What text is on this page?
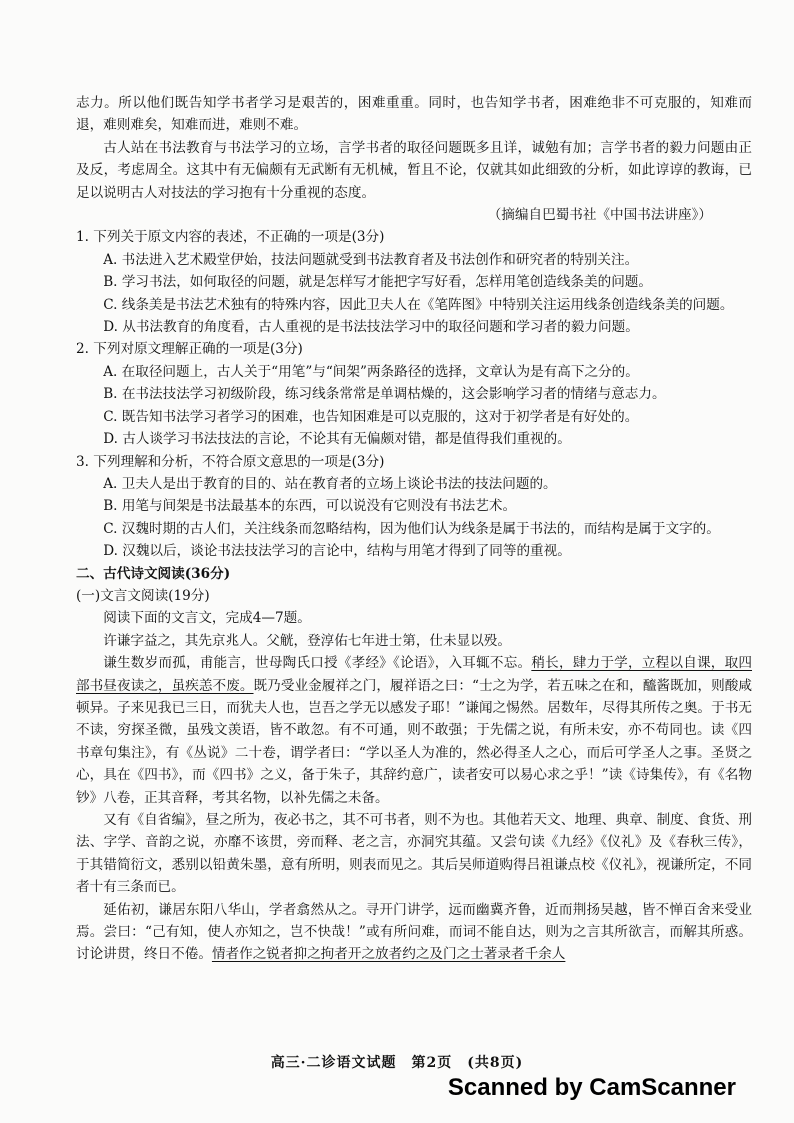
志力。所以他们既告知学书者学习是艰苦的，困难重重。同时，也告知学书者，困难绝非不可克服的，知难而退，难则难矣，知难而进，难则不难。

古人站在书法教育与书法学习的立场，言学书者的取径问题既多且详，诚勉有加；言学书者的毅力问题由正及反，考虑周全。这其中有无偏颇有无武断有无机械，暂且不论，仅就其如此细致的分析，如此谆谆的教诲，已足以说明古人对技法的学习抱有十分重视的态度。

（摘编自巴蜀书社《中国书法讲座》）

1. 下列关于原文内容的表述，不正确的一项是(3分)

A. 书法进入艺术殿堂伊始，技法问题就受到书法教育者及书法创作和研究者的特别关注。

B. 学习书法，如何取径的问题，就是怎样写才能把字写好看，怎样用笔创造线条美的问题。

C. 线条美是书法艺术独有的特殊内容，因此卫夫人在《笔阵图》中特别关注运用线条创造线条美的问题。

D. 从书法教育的角度看，古人重视的是书法技法学习中的取径问题和学习者的毅力问题。

2. 下列对原文理解正确的一项是(3分)

A. 在取径问题上，古人关于“用笔”与“间架”两条路径的选择，文章认为是有高下之分的。

B. 在书法技法学习初级阶段，练习线条常常是单调枯燥的，这会影响学习者的情绪与意志力。

C. 既告知书法学习者学习的困难，也告知困难是可以克服的，这对于初学者是有好处的。

D. 古人谈学习书法技法的言论，不论其有无偏颇对错，都是值得我们重视的。

3. 下列理解和分析，不符合原文意思的一项是(3分)

A. 卫夫人是出于教育的目的、站在教育者的立场上谈论书法的技法问题的。

B. 用笔与间架是书法最基本的东西，可以说没有它则没有书法艺术。

C. 汉魏时期的古人们，关注线条而忽略结构，因为他们认为线条是属于书法的，而结构是属于文字的。

D. 汉魏以后，谈论书法技法学习的言论中，结构与用笔才得到了同等的重视。

二、古代诗文阅读(36分)

(一)文言文阅读(19分)

阅读下面的文言文，完成4—7题。

许谦字益之，其先京兆人。父觥，登淳佑七年进士第，仕未显以殁。

谦生数岁而孤，甫能言，世母陶氏口授《孝经》《论语》，入耳辄不忘。稍长，肆力于学，立程以自课，取四部书昼夜读之，虽疾恙不废。既乃受业金履祥之门，履祥语之曰：“士之为学，若五味之在和，醯酱既加，则酸咸顿异。子来见我已三日，而犹夫人也，岂吾之学无以感发子耶！”谦闻之惕然。居数年，尽得其所传之奥。于书无不读，穷探圣微，虽残文羡语，皆不敢忽。有不可通，则不敢强；于先儒之说，有所未安，亦不苟同也。读《四书章句集注》，有《丛说》二十卷，谓学者曰：“学以圣人为准的，然必得圣人之心，而后可学圣人之事。圣贤之心，具在《四书》，而《四书》之义，备于朱子，其辞约意广，读者安可以易心求之乎！”读《诗集传》，有《名物钞》八卷，正其音释，考其名物，以补先儒之未备。

又有《自省编》，昼之所为，夜必书之，其不可书者，则不为也。其他若天文、地理、典章、制度、食货、刑法、字学、音韵之说，亦靡不该贯，旁而释、老之言，亦洞究其蕴。又尝句读《九经》《仪礼》及《春秋三传》，于其错简衍文，悉别以铅黄朱墨，意有所明，则表而见之。其后吴师道购得吕祖谦点校《仪礼》，视谦所定，不同者十有三条而已。

延佑初，谦居东阳八华山，学者翕然从之。寻开门讲学，远而幽冀齐鲁，近而荆扬吴越，皆不惮百舍来受业焉。尝曰：“己有知，使人亦知之，岂不快哉！”或有所问难，而词不能自达，则为之言其所欲言，而解其所惑。讨论讲贯，终日不倦。情者作之锐者抑之拘者开之放者约之及门之士著录者千余人

高三·二诊语文试题　第2页　(共8页)
Scanned by CamScanner
